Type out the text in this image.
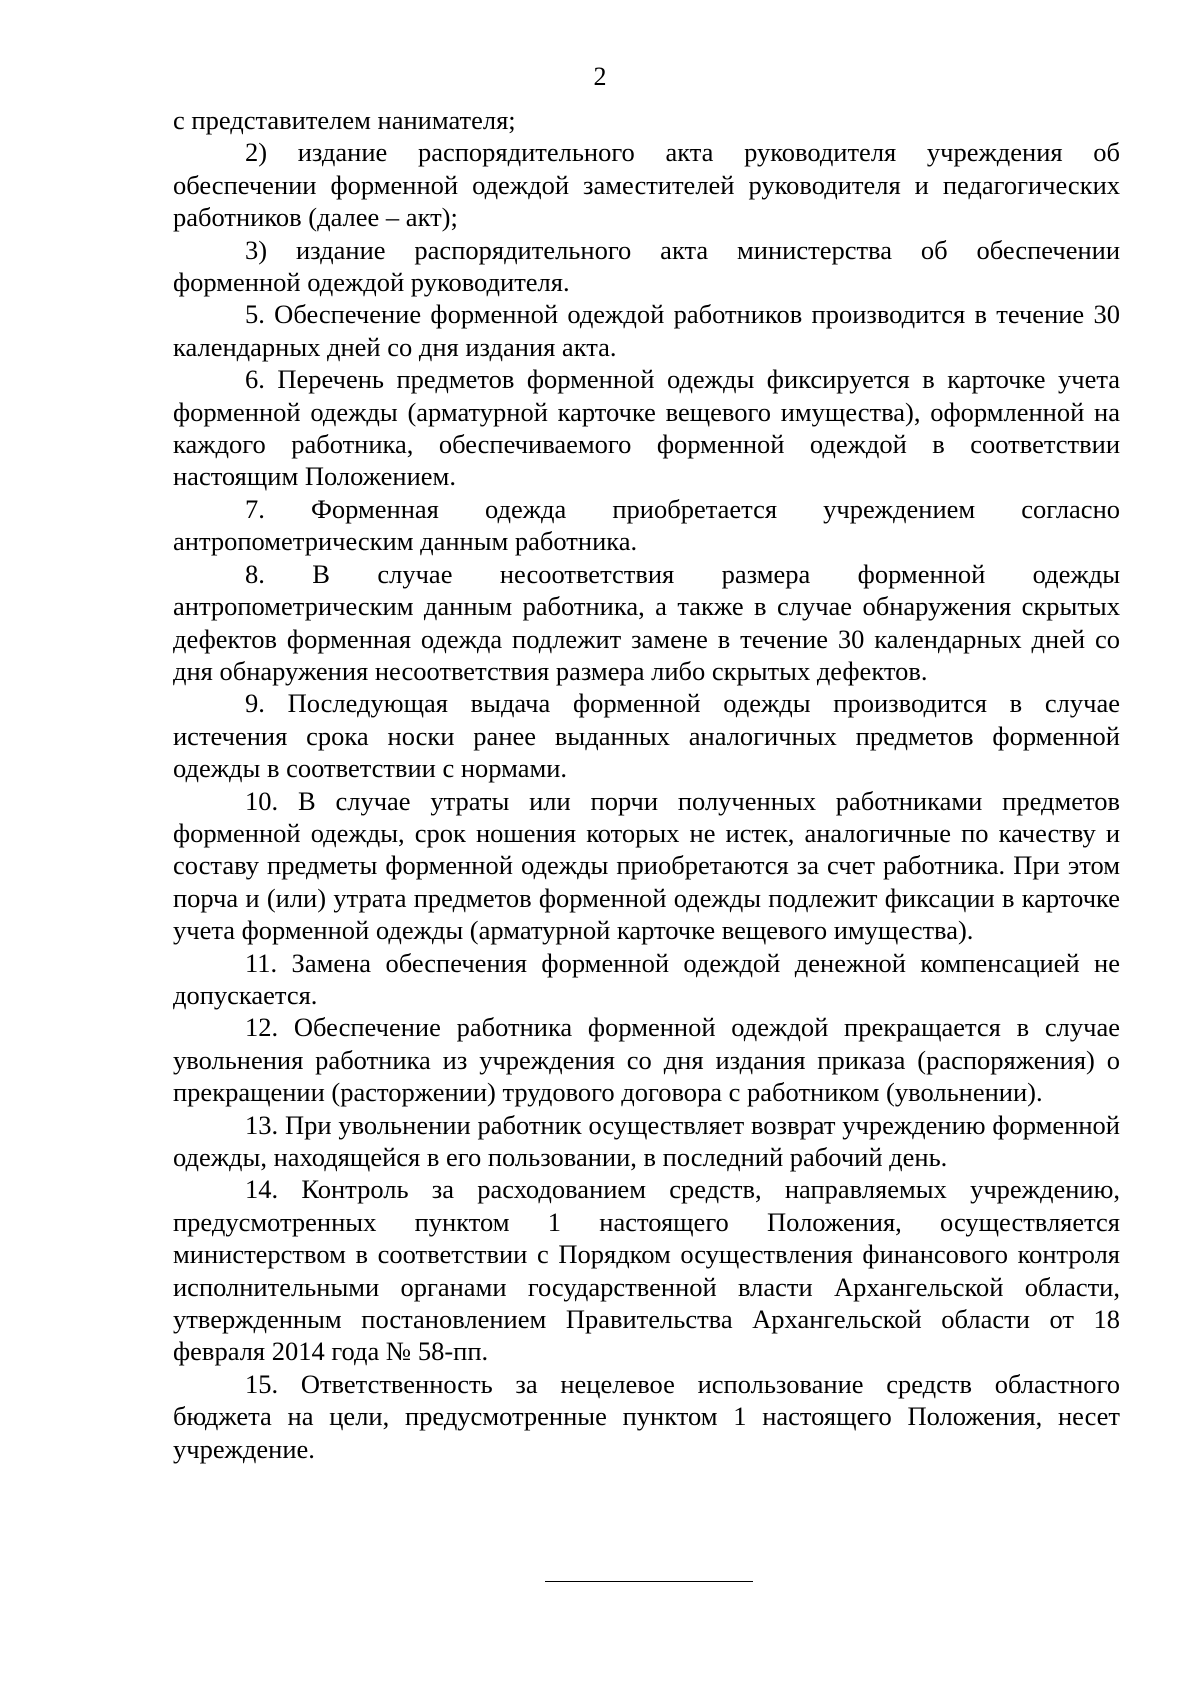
2

с представителем нанимателя;

2) издание распорядительного акта руководителя учреждения об обеспечении форменной одеждой заместителей руководителя и педагогических работников (далее – акт);

3) издание распорядительного акта министерства об обеспечении форменной одеждой руководителя.

5. Обеспечение форменной одеждой работников производится в течение 30 календарных дней со дня издания акта.

6. Перечень предметов форменной одежды фиксируется в карточке учета форменной одежды (арматурной карточке вещевого имущества), оформленной на каждого работника, обеспечиваемого форменной одеждой в соответствии настоящим Положением.

7. Форменная одежда приобретается учреждением согласно антропометрическим данным работника.

8. В случае несоответствия размера форменной одежды антропометрическим данным работника, а также в случае обнаружения скрытых дефектов форменная одежда подлежит замене в течение 30 календарных дней со дня обнаружения несоответствия размера либо скрытых дефектов.

9. Последующая выдача форменной одежды производится в случае истечения срока носки ранее выданных аналогичных предметов форменной одежды в соответствии с нормами.

10. В случае утраты или порчи полученных работниками предметов форменной одежды, срок ношения которых не истек, аналогичные по качеству и составу предметы форменной одежды приобретаются за счет работника. При этом порча и (или) утрата предметов форменной одежды подлежит фиксации в карточке учета форменной одежды (арматурной карточке вещевого имущества).

11. Замена обеспечения форменной одеждой денежной компенсацией не допускается.

12. Обеспечение работника форменной одеждой прекращается в случае увольнения работника из учреждения со дня издания приказа (распоряжения) о прекращении (расторжении) трудового договора с работником (увольнении).

13. При увольнении работник осуществляет возврат учреждению форменной одежды, находящейся в его пользовании, в последний рабочий день.

14. Контроль за расходованием средств, направляемых учреждению, предусмотренных пунктом 1 настоящего Положения, осуществляется министерством в соответствии с Порядком осуществления финансового контроля исполнительными органами государственной власти Архангельской области, утвержденным постановлением Правительства Архангельской области от 18 февраля 2014 года № 58-пп.

15. Ответственность за нецелевое использование средств областного бюджета на цели, предусмотренные пунктом 1 настоящего Положения, несет учреждение.
